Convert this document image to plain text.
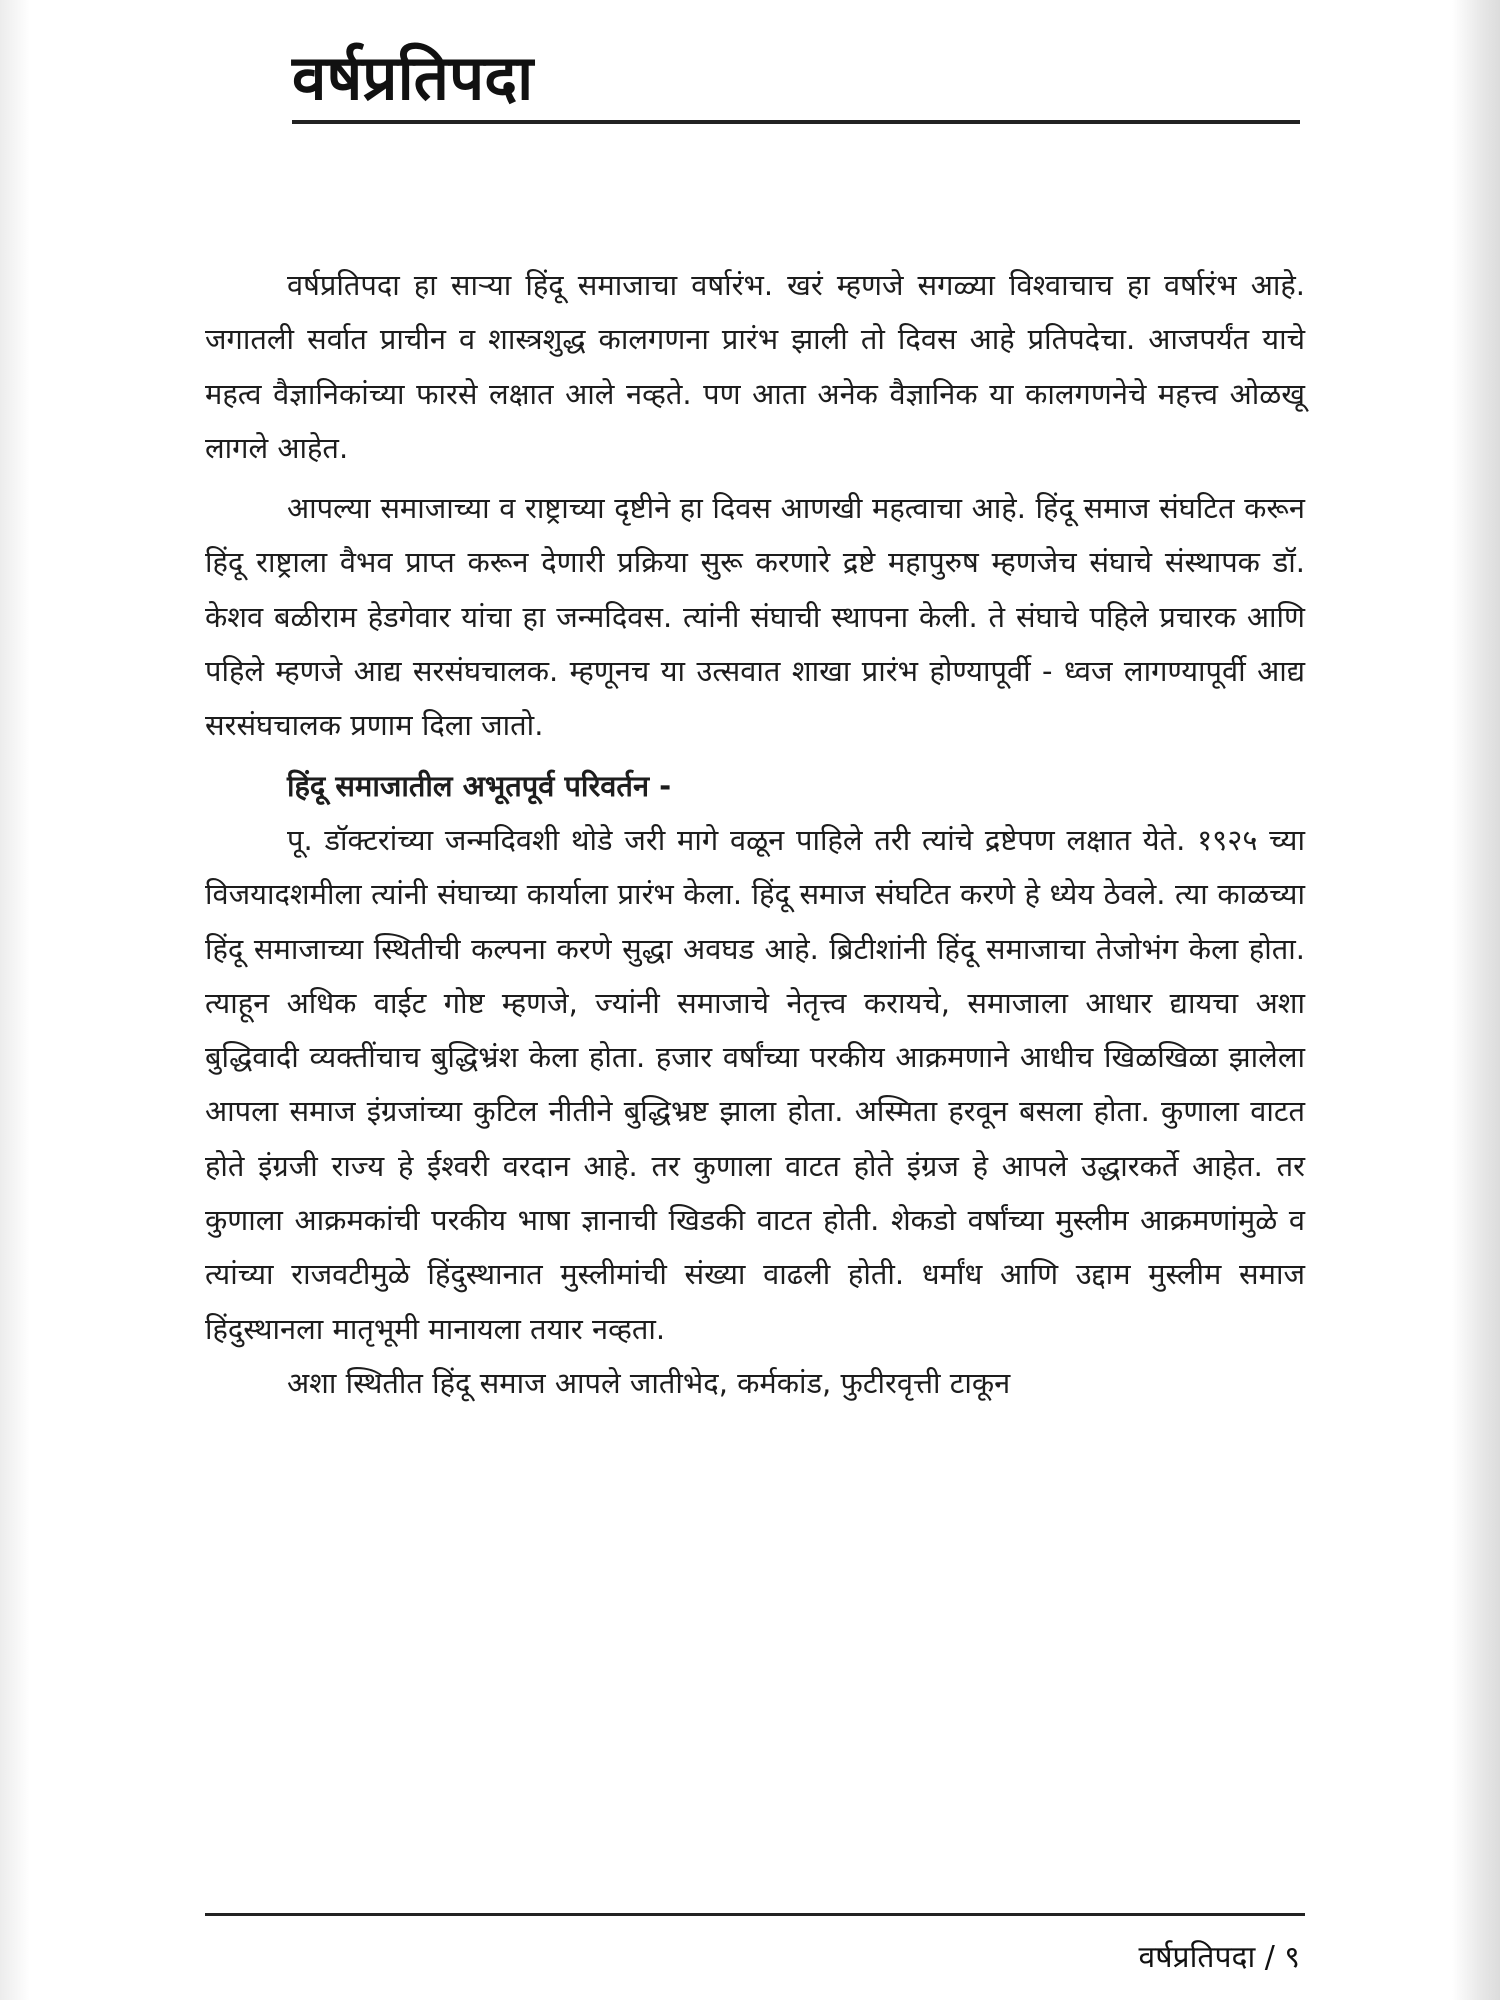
वर्षप्रतिपदा

वर्षप्रतिपदा हा साऱ्या हिंदू समाजाचा वर्षारंभ. खरं म्हणजे सगळ्या विश्वाचाच हा वर्षारंभ आहे. जगातली सर्वात प्राचीन व शास्त्रशुद्ध कालगणना प्रारंभ झाली तो दिवस आहे प्रतिपदेचा. आजपर्यंत याचे महत्व वैज्ञानिकांच्या फारसे लक्षात आले नव्हते. पण आता अनेक वैज्ञानिक या कालगणनेचे महत्त्व ओळखू लागले आहेत.

आपल्या समाजाच्या व राष्ट्राच्या दृष्टीने हा दिवस आणखी महत्वाचा आहे. हिंदू समाज संघटित करून हिंदू राष्ट्राला वैभव प्राप्त करून देणारी प्रक्रिया सुरू करणारे द्रष्टे महापुरुष म्हणजेच संघाचे संस्थापक डॉ. केशव बळीराम हेडगेवार यांचा हा जन्मदिवस. त्यांनी संघाची स्थापना केली. ते संघाचे पहिले प्रचारक आणि पहिले म्हणजे आद्य सरसंघचालक. म्हणूनच या उत्सवात शाखा प्रारंभ होण्यापूर्वी - ध्वज लागण्यापूर्वी आद्य सरसंघचालक प्रणाम दिला जातो.

हिंदू समाजातील अभूतपूर्व परिवर्तन -

पू. डॉक्टरांच्या जन्मदिवशी थोडे जरी मागे वळून पाहिले तरी त्यांचे द्रष्टेपण लक्षात येते. १९२५ च्या विजयादशमीला त्यांनी संघाच्या कार्याला प्रारंभ केला. हिंदू समाज संघटित करणे हे ध्येय ठेवले. त्या काळच्या हिंदू समाजाच्या स्थितीची कल्पना करणे सुद्धा अवघड आहे. ब्रिटीशांनी हिंदू समाजाचा तेजोभंग केला होता. त्याहून अधिक वाईट गोष्ट म्हणजे, ज्यांनी समाजाचे नेतृत्त्व करायचे, समाजाला आधार द्यायचा अशा बुद्धिवादी व्यक्तींचाच बुद्धिभ्रंश केला होता. हजार वर्षांच्या परकीय आक्रमणाने आधीच खिळखिळा झालेला आपला समाज इंग्रजांच्या कुटिल नीतीने बुद्धिभ्रष्ट झाला होता. अस्मिता हरवून बसला होता. कुणाला वाटत होते इंग्रजी राज्य हे ईश्वरी वरदान आहे. तर कुणाला वाटत होते इंग्रज हे आपले उद्धारकर्ते आहेत. तर कुणाला आक्रमकांची परकीय भाषा ज्ञानाची खिडकी वाटत होती. शेकडो वर्षांच्या मुस्लीम आक्रमणांमुळे व त्यांच्या राजवटीमुळे हिंदुस्थानात मुस्लीमांची संख्या वाढली होती. धर्मांध आणि उद्दाम मुस्लीम समाज हिंदुस्थानला मातृभूमी मानायला तयार नव्हता.

अशा स्थितीत हिंदू समाज आपले जातीभेद, कर्मकांड, फुटीरवृत्ती टाकून

वर्षप्रतिपदा / ९
